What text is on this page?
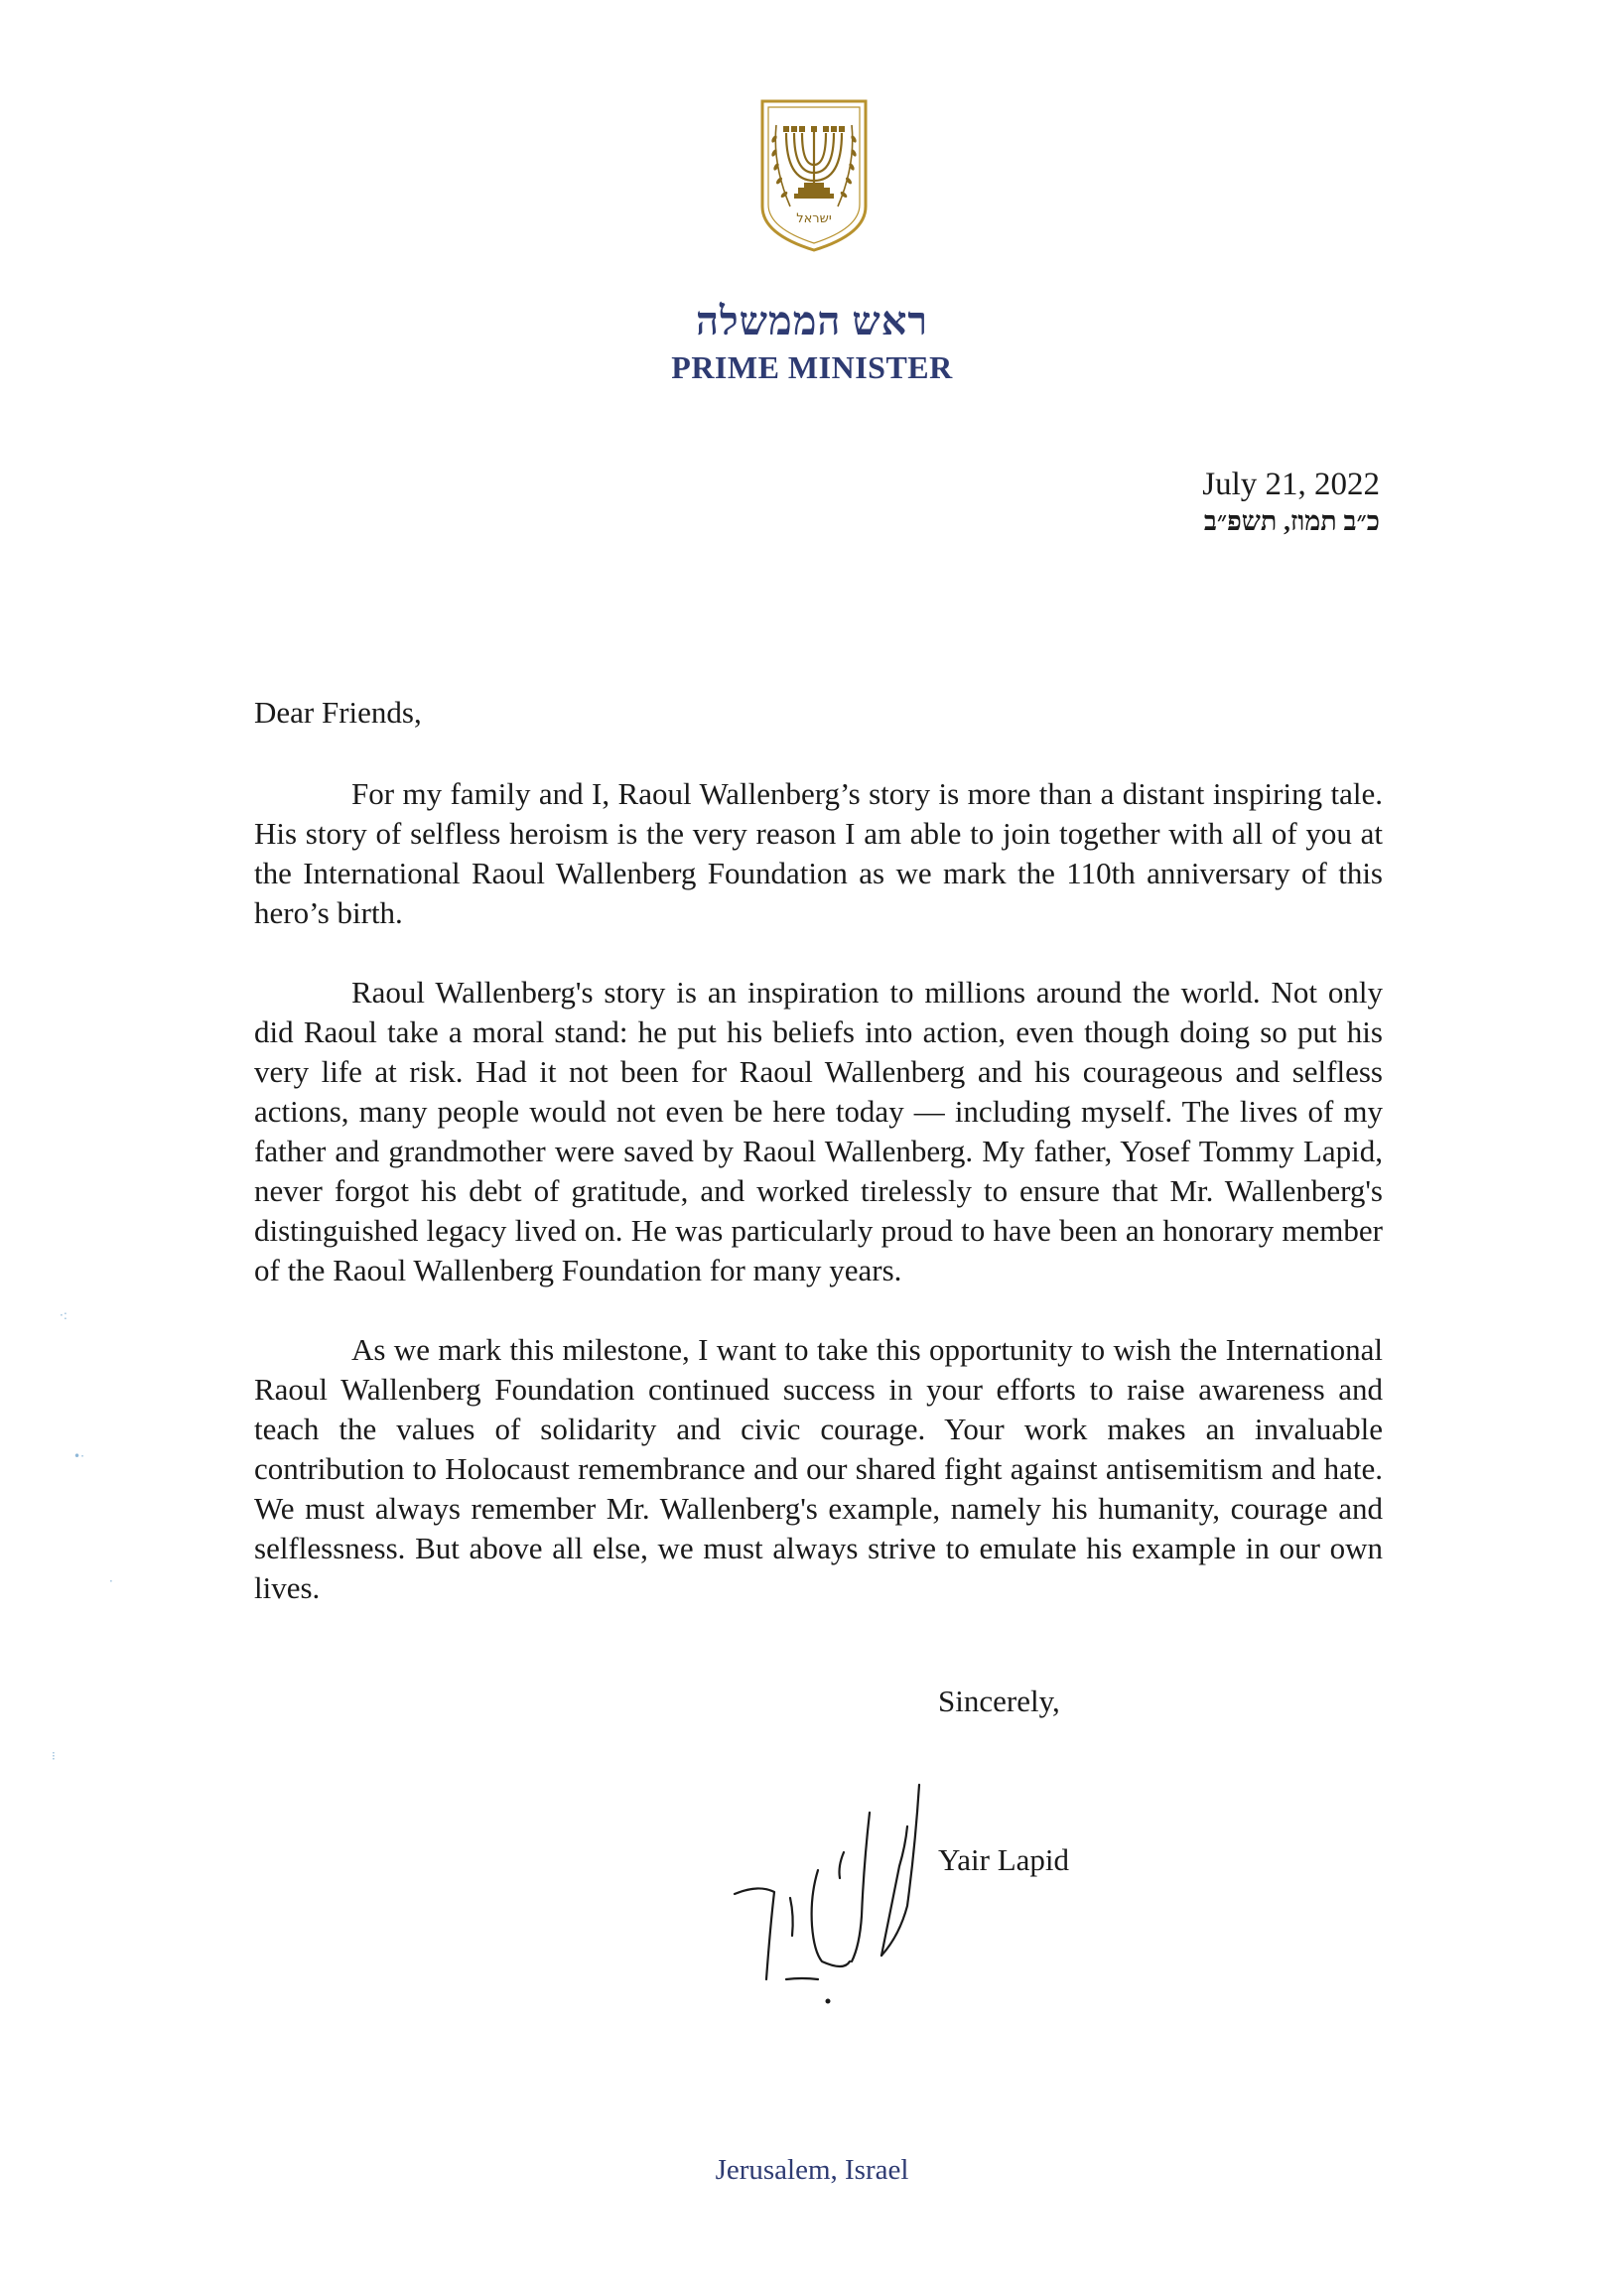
ישראל
ראש הממשלה
PRIME MINISTER
July 21, 2022
כ״ב תמוז, תשפ״ב

Dear Friends,

For my family and I, Raoul Wallenberg’s story is more than a distant inspiring tale. His story of selfless heroism is the very reason I am able to join together with all of you at the International Raoul Wallenberg Foundation as we mark the 110th anniversary of this hero’s birth.

Raoul Wallenberg's story is an inspiration to millions around the world. Not only did Raoul take a moral stand: he put his beliefs into action, even though doing so put his very life at risk. Had it not been for Raoul Wallenberg and his courageous and selfless actions, many people would not even be here today — including myself. The lives of my father and grandmother were saved by Raoul Wallenberg. My father, Yosef Tommy Lapid, never forgot his debt of gratitude, and worked tirelessly to ensure that Mr. Wallenberg's distinguished legacy lived on. He was particularly proud to have been an honorary member of the Raoul Wallenberg Foundation for many years.

As we mark this milestone, I want to take this opportunity to wish the International Raoul Wallenberg Foundation continued success in your efforts to raise awareness and teach the values of solidarity and civic courage. Your work makes an invaluable contribution to Holocaust remembrance and our shared fight against antisemitism and hate. We must always remember Mr. Wallenberg's example, namely his humanity, courage and selflessness. But above all else, we must always strive to emulate his example in our own lives.

Sincerely,
Yair Lapid
Jerusalem, Israel
·:
•·
·
⁝
